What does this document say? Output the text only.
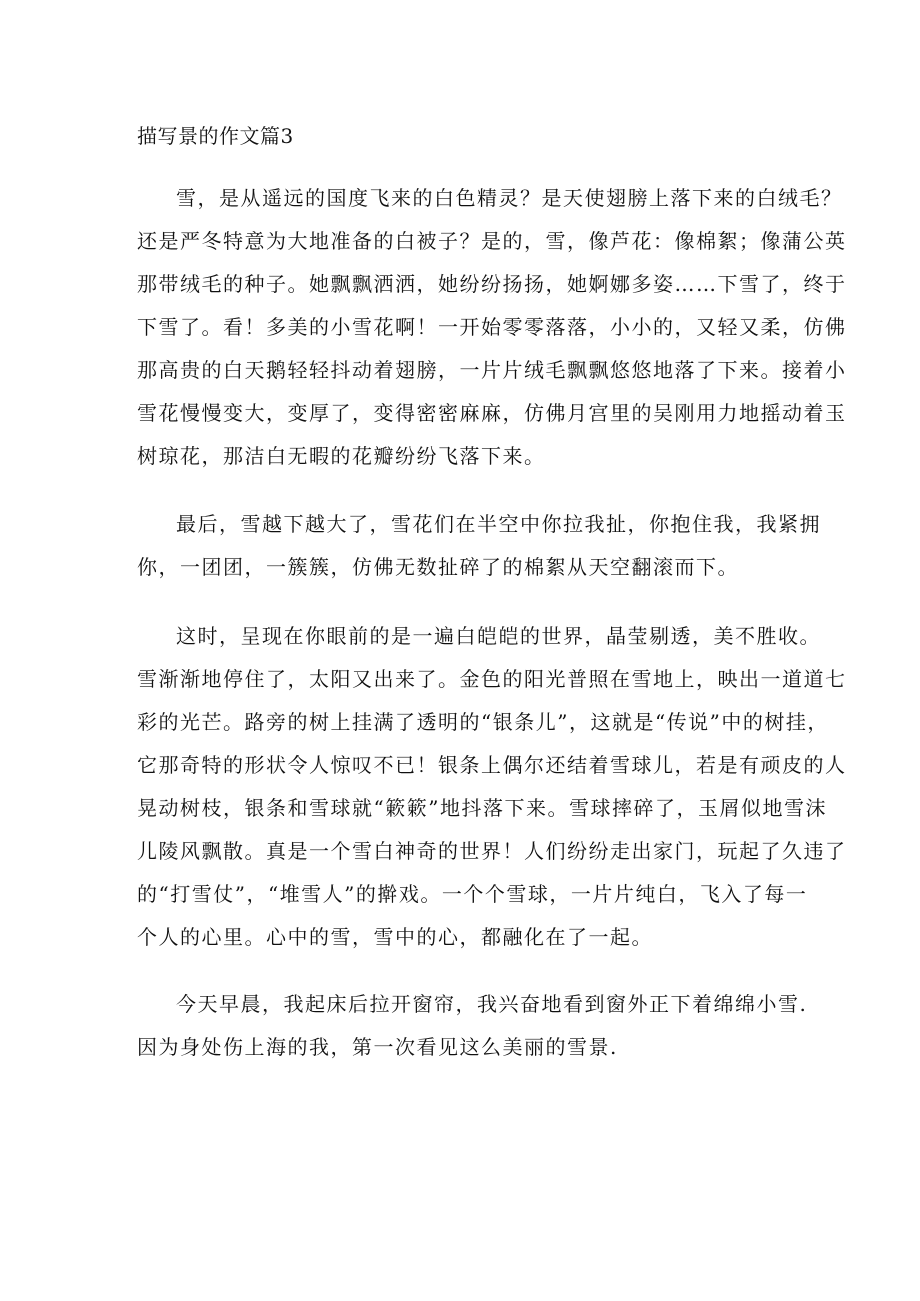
描写景的作文篇3
雪，是从遥远的国度飞来的白色精灵？是天使翅膀上落下来的白绒毛？
还是严冬特意为大地准备的白被子？是的，雪，像芦花：像棉絮；像蒲公英
那带绒毛的种子。她飘飘洒洒，她纷纷扬扬，她婀娜多姿……下雪了，终于
下雪了。看！多美的小雪花啊！一开始零零落落，小小的，又轻又柔，仿佛
那高贵的白天鹅轻轻抖动着翅膀，一片片绒毛飘飘悠悠地落了下来。接着小
雪花慢慢变大，变厚了，变得密密麻麻，仿佛月宫里的吴刚用力地摇动着玉
树琼花，那洁白无暇的花瓣纷纷飞落下来。
最后，雪越下越大了，雪花们在半空中你拉我扯，你抱住我，我紧拥
你，一团团，一簇簇，仿佛无数扯碎了的棉絮从天空翻滚而下。
这时，呈现在你眼前的是一遍白皑皑的世界，晶莹剔透，美不胜收。
雪渐渐地停住了，太阳又出来了。金色的阳光普照在雪地上，映出一道道七
彩的光芒。路旁的树上挂满了透明的“银条儿”，这就是“传说”中的树挂，
它那奇特的形状令人惊叹不已！银条上偶尔还结着雪球儿，若是有顽皮的人
晃动树枝，银条和雪球就“簌簌”地抖落下来。雪球摔碎了，玉屑似地雪沫
儿陵风飘散。真是一个雪白神奇的世界！人们纷纷走出家门，玩起了久违了
的“打雪仗”，“堆雪人”的擀戏。一个个雪球，一片片纯白，飞入了每一
个人的心里。心中的雪，雪中的心，都融化在了一起。
今天早晨，我起床后拉开窗帘，我兴奋地看到窗外正下着绵绵小雪.
因为身处伤上海的我，第一次看见这么美丽的雪景.
